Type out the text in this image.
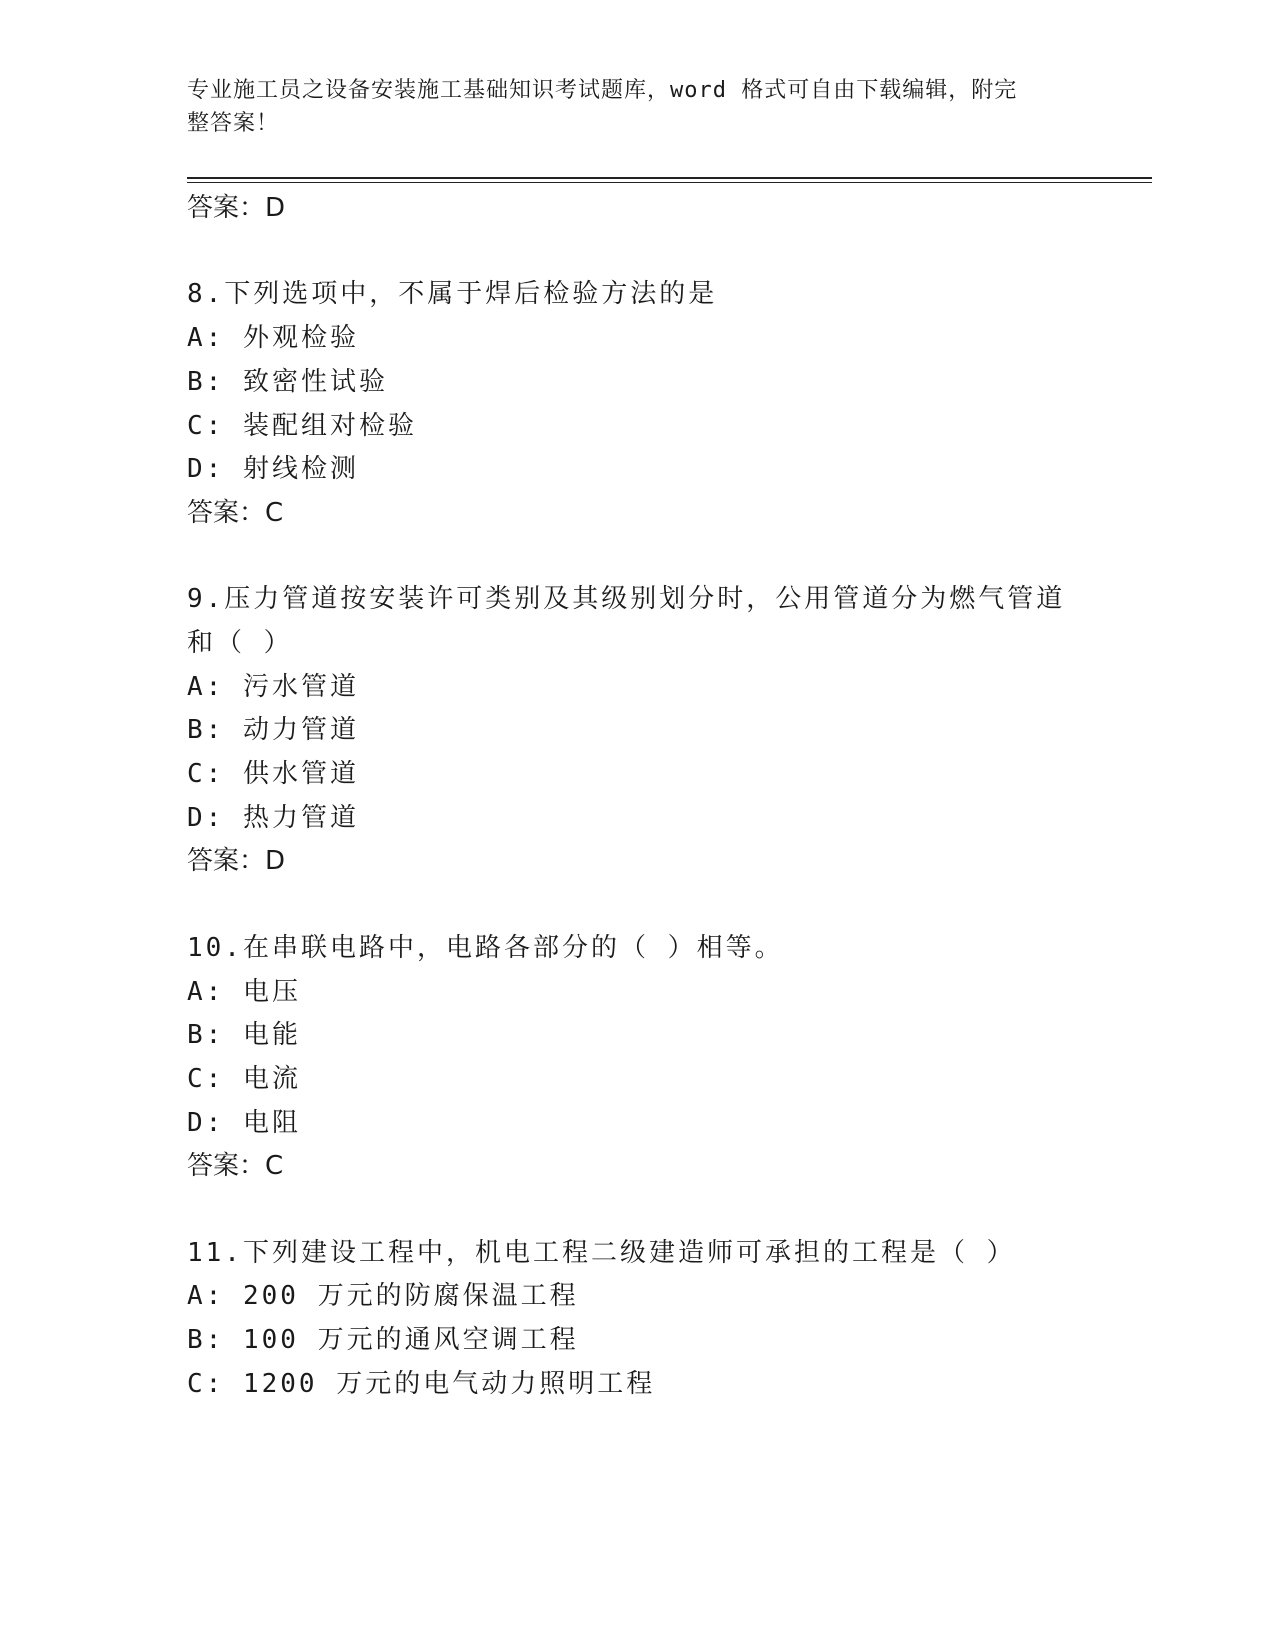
专业施工员之设备安装施工基础知识考试题库，word 格式可自由下载编辑，附完
整答案！
答案：D
8.下列选项中，不属于焊后检验方法的是
A: 外观检验
B: 致密性试验
C: 装配组对检验
D: 射线检测
答案：C
9.压力管道按安装许可类别及其级别划分时，公用管道分为燃气管道
和（ ）
A: 污水管道
B: 动力管道
C: 供水管道
D: 热力管道
答案：D
10.在串联电路中，电路各部分的（ ）相等。
A: 电压
B: 电能
C: 电流
D: 电阻
答案：C
11.下列建设工程中，机电工程二级建造师可承担的工程是（ ）
A: 200 万元的防腐保温工程
B: 100 万元的通风空调工程
C: 1200 万元的电气动力照明工程
